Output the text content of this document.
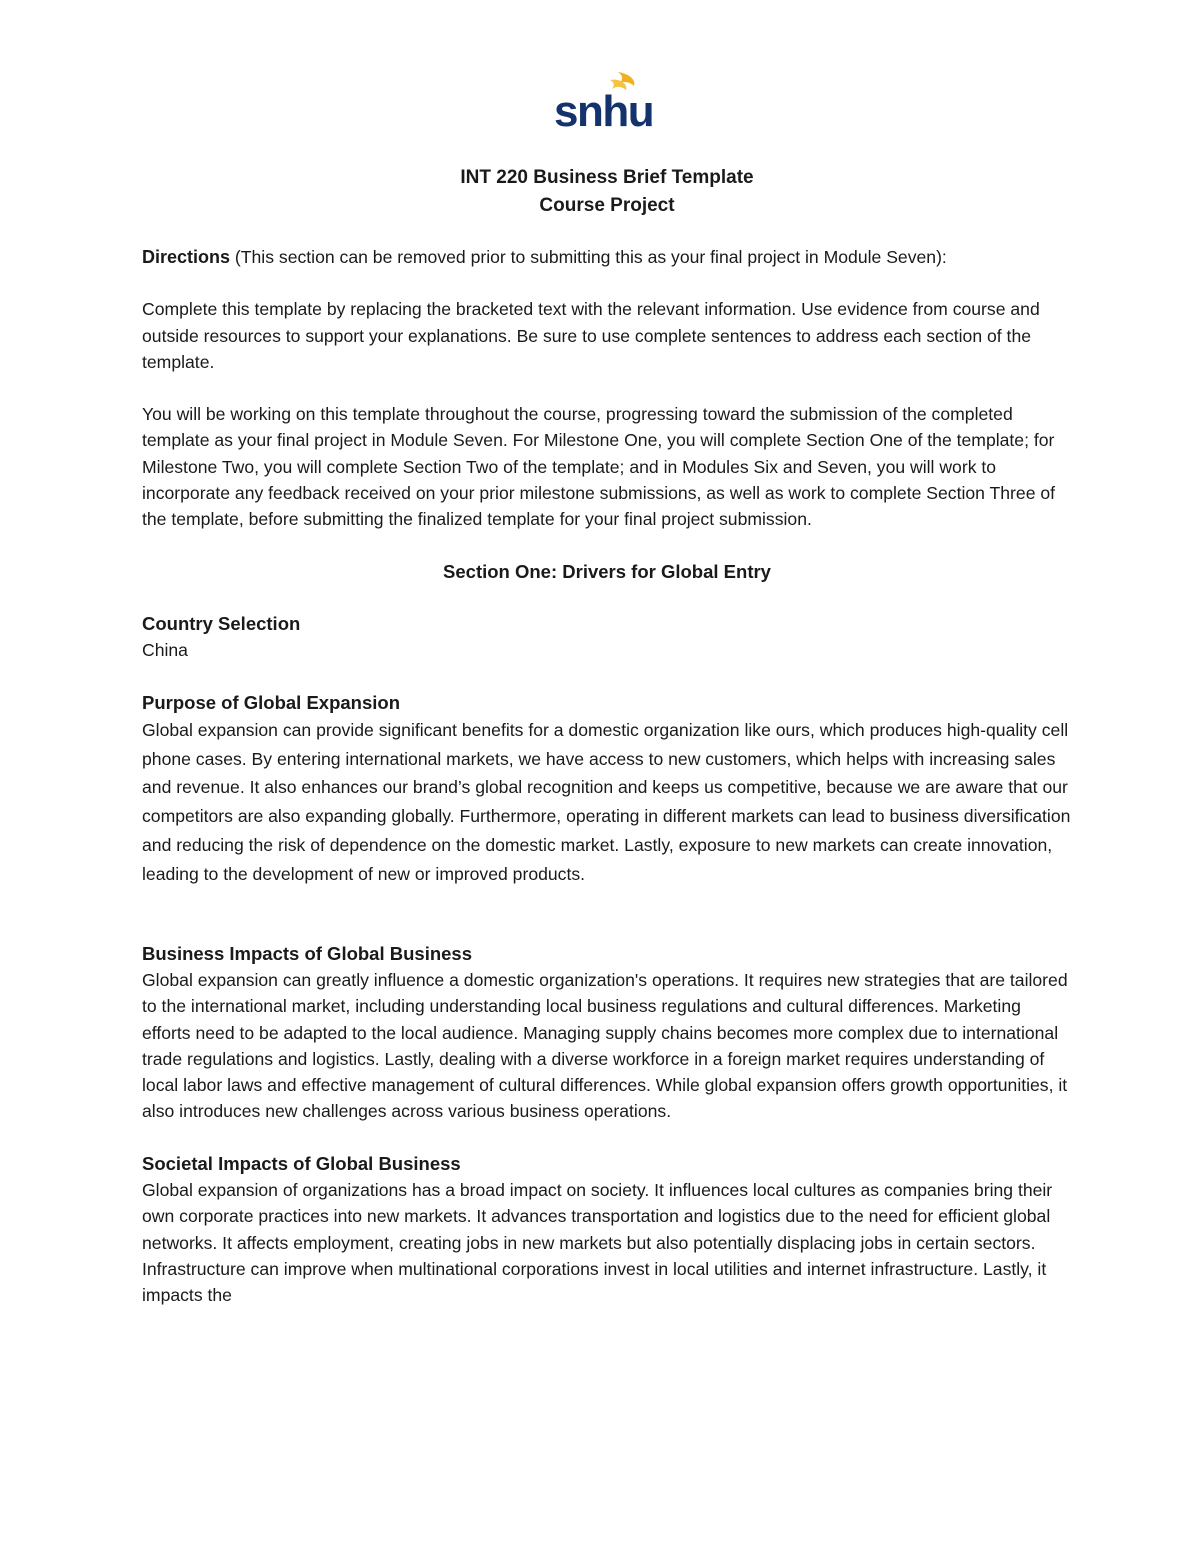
snhu
INT 220 Business Brief Template
Course Project

Directions (This section can be removed prior to submitting this as your final project in Module Seven):

Complete this template by replacing the bracketed text with the relevant information. Use evidence from course and outside resources to support your explanations. Be sure to use complete sentences to address each section of the template.

You will be working on this template throughout the course, progressing toward the submission of the completed template as your final project in Module Seven. For Milestone One, you will complete Section One of the template; for Milestone Two, you will complete Section Two of the template; and in Modules Six and Seven, you will work to incorporate any feedback received on your prior milestone submissions, as well as work to complete Section Three of the template, before submitting the finalized template for your final project submission.

Section One: Drivers for Global Entry
Country Selection

China

Purpose of Global Expansion

Global expansion can provide significant benefits for a domestic organization like ours, which produces high-quality cell phone cases. By entering international markets, we have access to new customers, which helps with increasing sales and revenue. It also enhances our brand’s global recognition and keeps us competitive, because we are aware that our competitors are also expanding globally. Furthermore, operating in different markets can lead to business diversification and reducing the risk of dependence on the domestic market. Lastly, exposure to new markets can create innovation, leading to the development of new or improved products.

Business Impacts of Global Business

Global expansion can greatly influence a domestic organization's operations. It requires new strategies that are tailored to the international market, including understanding local business regulations and cultural differences. Marketing efforts need to be adapted to the local audience. Managing supply chains becomes more complex due to international trade regulations and logistics. Lastly, dealing with a diverse workforce in a foreign market requires understanding of local labor laws and effective management of cultural differences. While global expansion offers growth opportunities, it also introduces new challenges across various business operations.

Societal Impacts of Global Business

Global expansion of organizations has a broad impact on society. It influences local cultures as companies bring their own corporate practices into new markets. It advances transportation and logistics due to the need for efficient global networks. It affects employment, creating jobs in new markets but also potentially displacing jobs in certain sectors. Infrastructure can improve when multinational corporations invest in local utilities and internet infrastructure. Lastly, it impacts the
